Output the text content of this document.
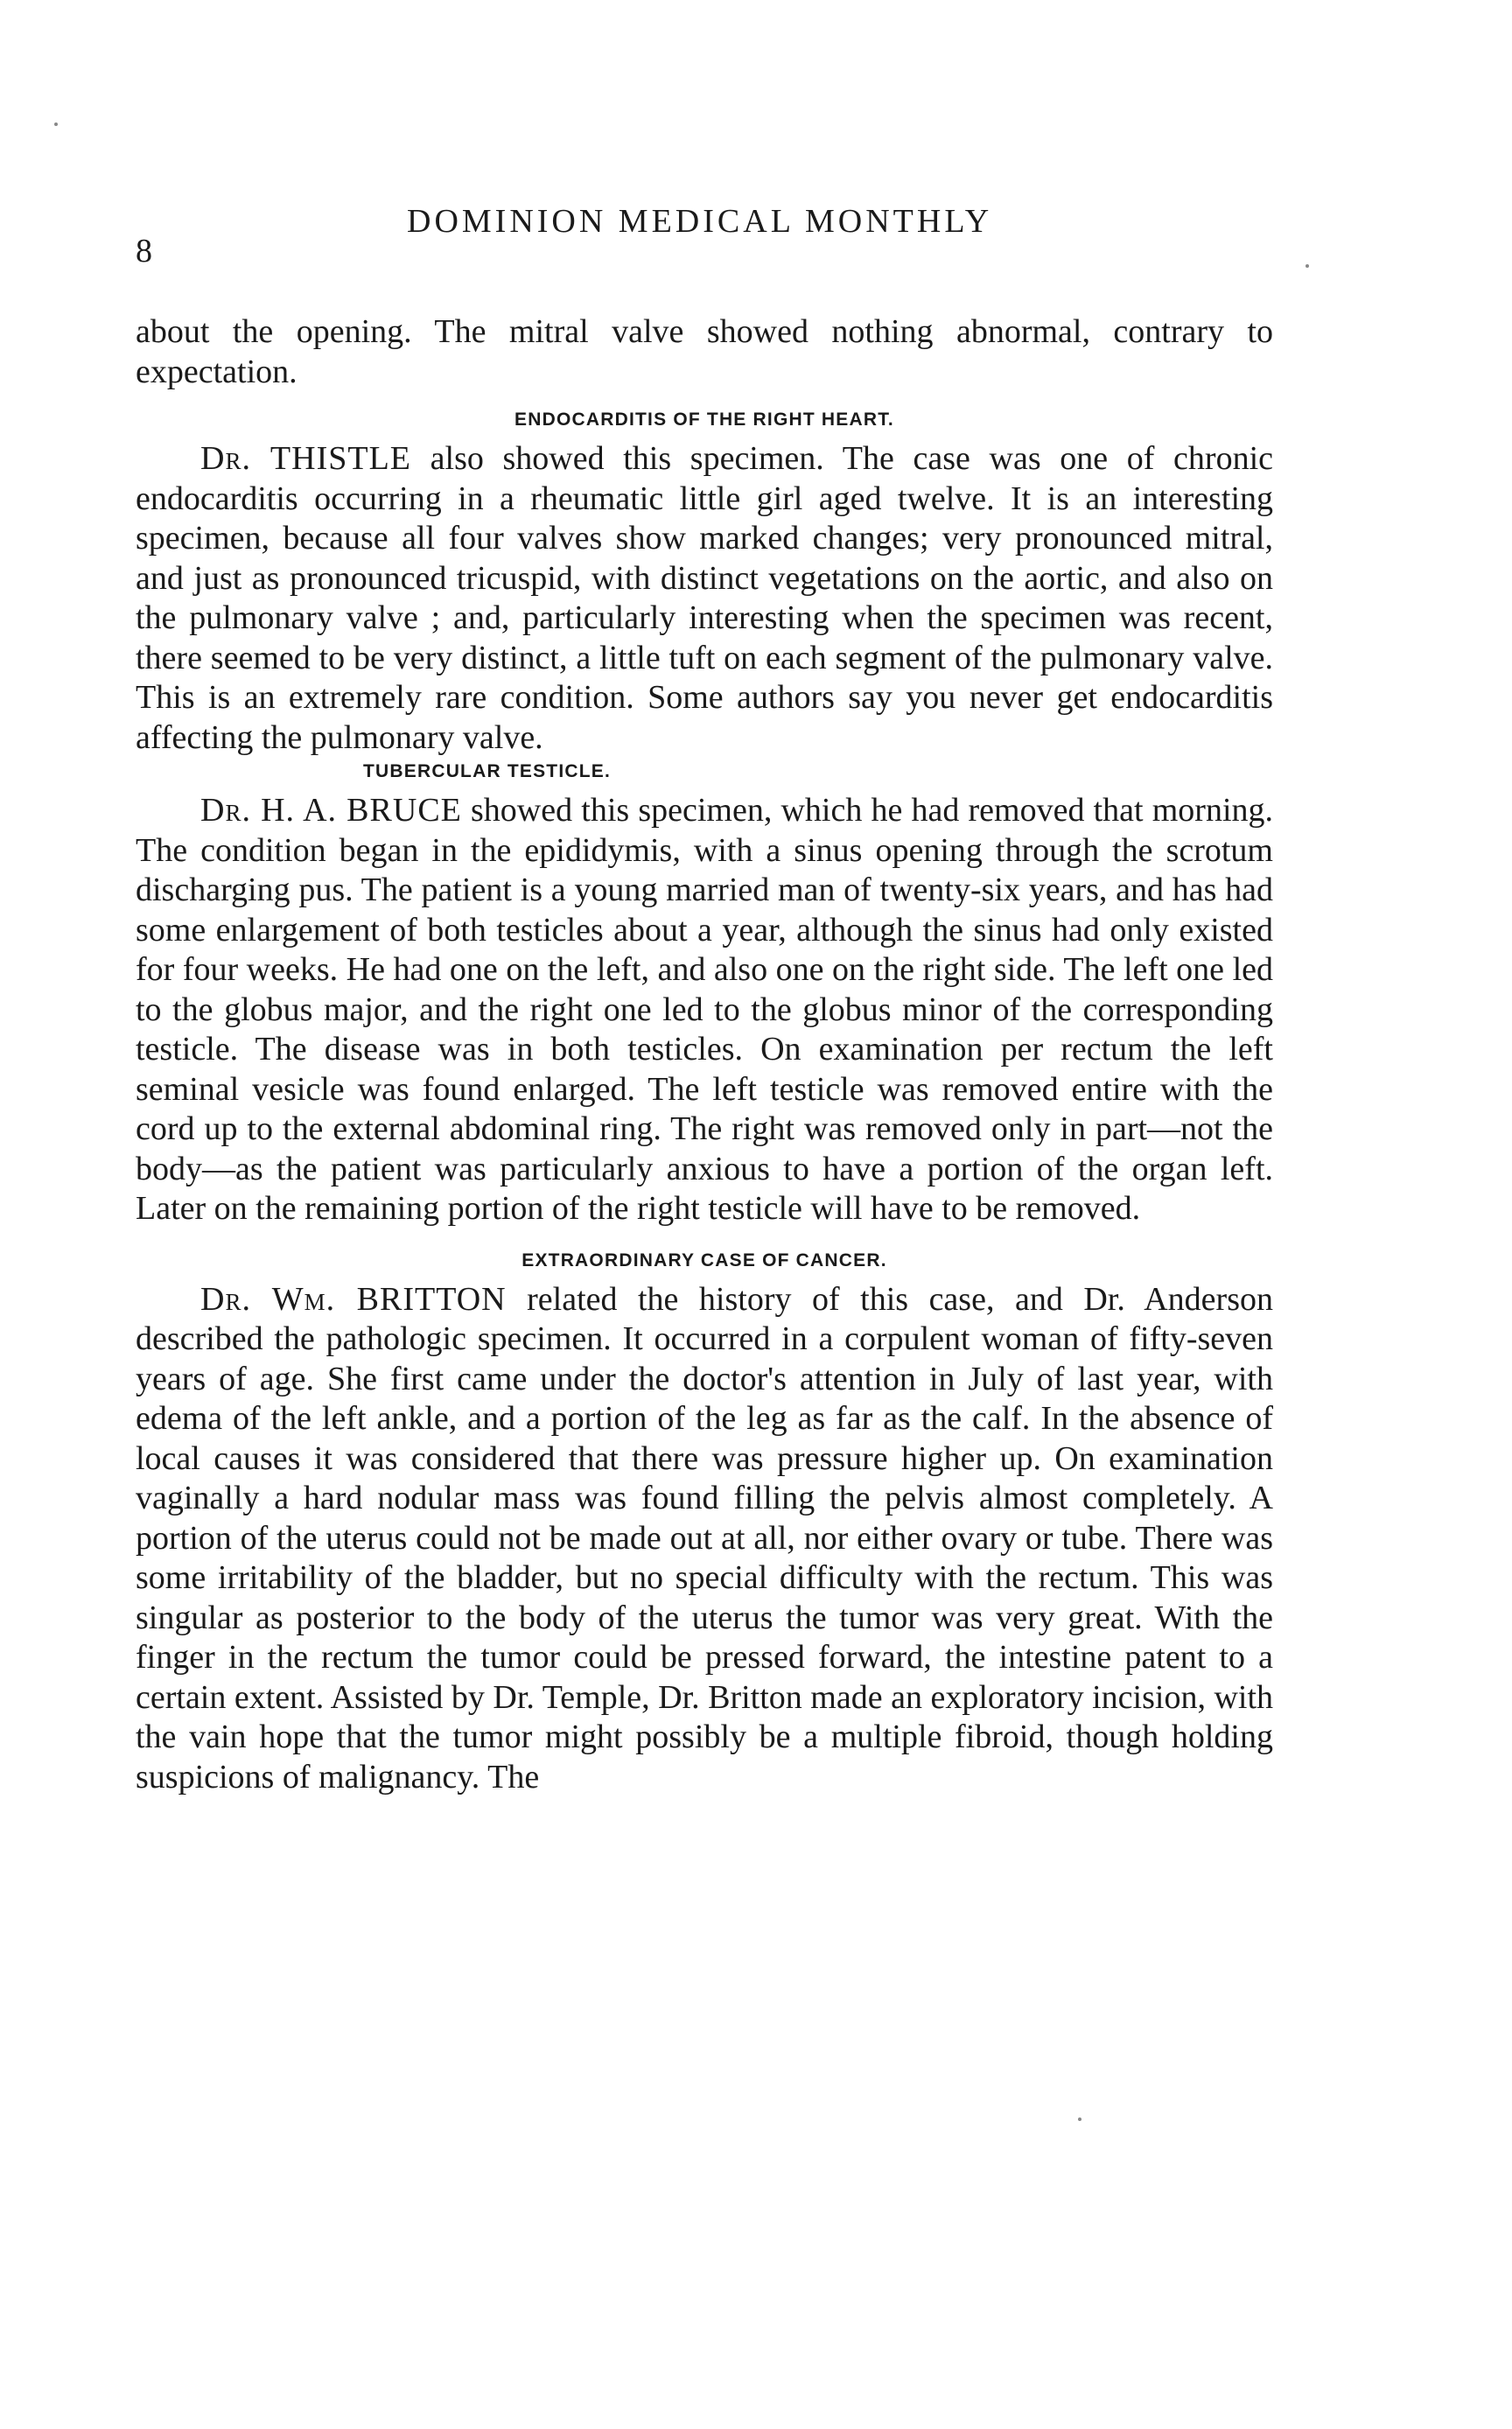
8
DOMINION MEDICAL MONTHLY

about the opening. The mitral valve showed nothing abnormal, contrary to expectation.

ENDOCARDITIS OF THE RIGHT HEART.

Dr. THISTLE also showed this specimen. The case was one of chronic endocarditis occurring in a rheumatic little girl aged twelve. It is an interesting specimen, because all four valves show marked changes; very pronounced mitral, and just as pronounced tricuspid, with distinct vegetations on the aortic, and also on the pulmonary valve ; and, particularly interesting when the specimen was recent, there seemed to be very distinct, a little tuft on each segment of the pulmonary valve. This is an extremely rare condition. Some authors say you never get endocarditis affecting the pulmonary valve.

TUBERCULAR TESTICLE.

Dr. H. A. BRUCE showed this specimen, which he had removed that morning. The condition began in the epididymis, with a sinus opening through the scrotum discharging pus. The patient is a young married man of twenty-six years, and has had some enlargement of both testicles about a year, although the sinus had only existed for four weeks. He had one on the left, and also one on the right side. The left one led to the globus major, and the right one led to the globus minor of the corresponding testicle. The disease was in both testicles. On examination per rectum the left seminal vesicle was found enlarged. The left testicle was removed entire with the cord up to the external abdominal ring. The right was removed only in part—not the body—as the patient was particularly anxious to have a portion of the organ left. Later on the remaining portion of the right testicle will have to be removed.

EXTRAORDINARY CASE OF CANCER.

Dr. Wm. BRITTON related the history of this case, and Dr. Anderson described the pathologic specimen. It occurred in a corpulent woman of fifty-seven years of age. She first came under the doctor's attention in July of last year, with edema of the left ankle, and a portion of the leg as far as the calf. In the absence of local causes it was considered that there was pressure higher up. On examination vaginally a hard nodular mass was found filling the pelvis almost completely. A portion of the uterus could not be made out at all, nor either ovary or tube. There was some irritability of the bladder, but no special difficulty with the rectum. This was singular as posterior to the body of the uterus the tumor was very great. With the finger in the rectum the tumor could be pressed forward, the intestine patent to a certain extent. Assisted by Dr. Temple, Dr. Britton made an exploratory incision, with the vain hope that the tumor might possibly be a multiple fibroid, though holding suspicions of malignancy. The
